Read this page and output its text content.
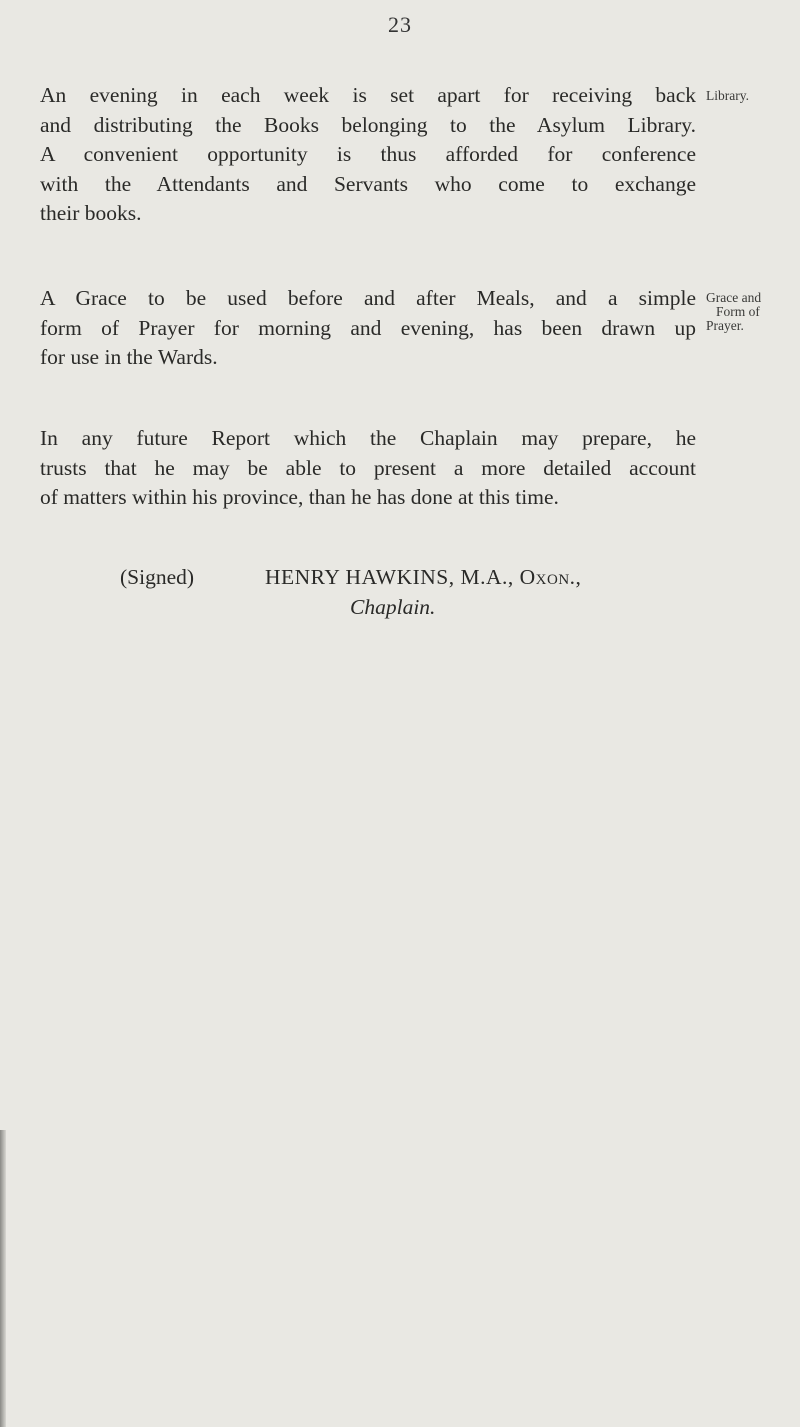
23
An evening in each week is set apart for receiving back
and distributing the Books belonging to the Asylum Library.
A convenient opportunity is thus afforded for conference
with the Attendants and Servants who come to exchange
their books.
Library.
A Grace to be used before and after Meals, and a simple
form of Prayer for morning and evening, has been drawn up
for use in the Wards.
Grace and
Form of
Prayer.
In any future Report which the Chaplain may prepare, he
trusts that he may be able to present a more detailed account
of matters within his province, than he has done at this time.
(Signed)	HENRY HAWKINS, M.A., Oxon.,
Chaplain.
